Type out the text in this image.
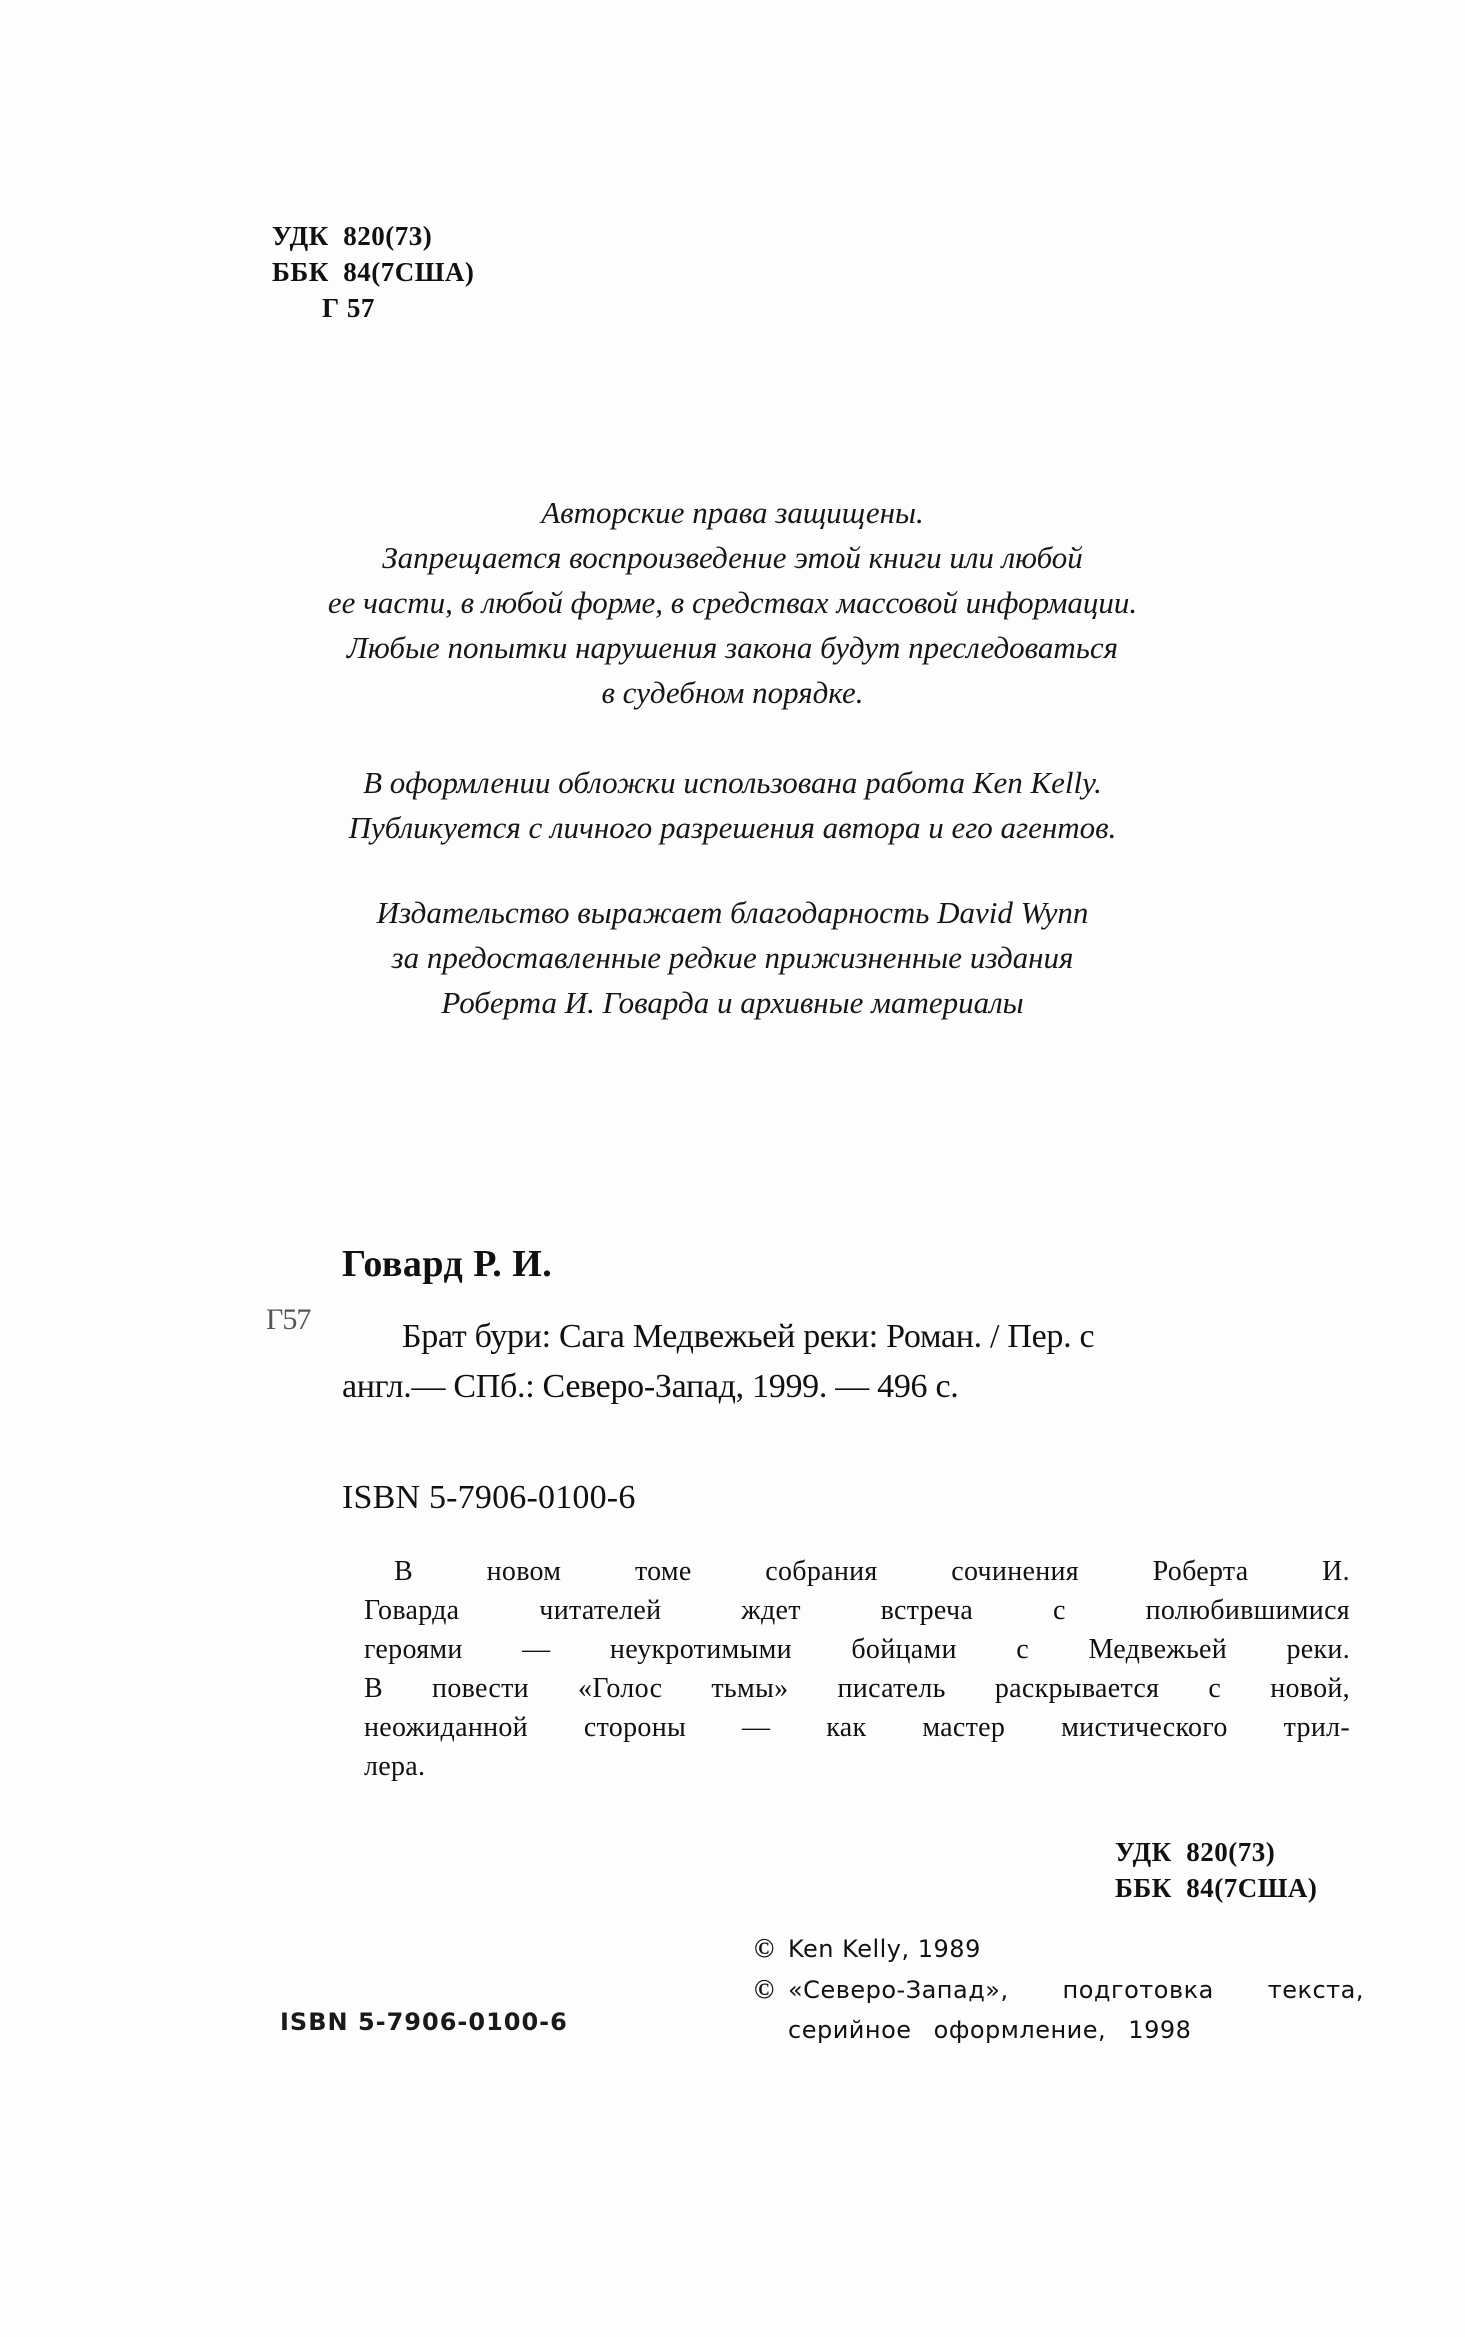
УДК  820(73)
ББК  84(7США)
Г 57
Авторские права защищены.
Запрещается воспроизведение этой книги или любой
ее части, в любой форме, в средствах массовой информации.
Любые попытки нарушения закона будут преследоваться
в судебном порядке.
В оформлении обложки использована работа Ken Kelly.
Публикуется с личного разрешения автора и его агентов.
Издательство выражает благодарность David Wynn
за предоставленные редкие прижизненные издания
Роберта И. Говарда и архивные материалы
Говард Р. И.
Г57	Брат бури: Сага Медвежьей реки: Роман. / Пер. с
англ.— СПб.: Северо-Запад, 1999. — 496 с.
ISBN 5-7906-0100-6
В новом томе собрания сочинения Роберта И.
Говарда читателей ждет встреча с полюбившимися
героями — неукротимыми бойцами с Медвежьей реки.
В повести «Голос тьмы» писатель раскрывается с новой,
неожиданной стороны — как мастер мистического трил-
лера.
УДК  820(73)
ББК  84(7США)
© Ken Kelly, 1989
© «Северо-Запад», подготовка текста,
серийное оформление, 1998
ISBN 5-7906-0100-6
